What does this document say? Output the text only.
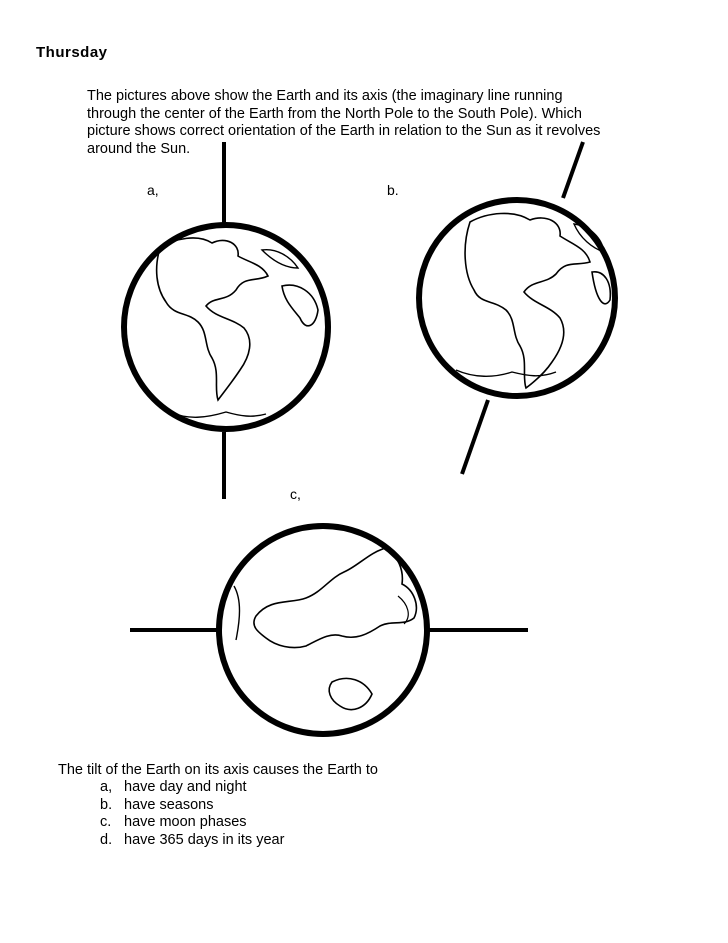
Thursday
The pictures above show the Earth and its axis (the imaginary line running
through the center of the Earth from the North Pole to the South Pole). Which
picture shows correct orientation of the Earth in relation to the Sun as it revolves
around the Sun.
a,	b.
c,
The tilt of the Earth on its axis causes the Earth to
a, have day and night
b. have seasons
c. have moon phases
d. have 365 days in its year
